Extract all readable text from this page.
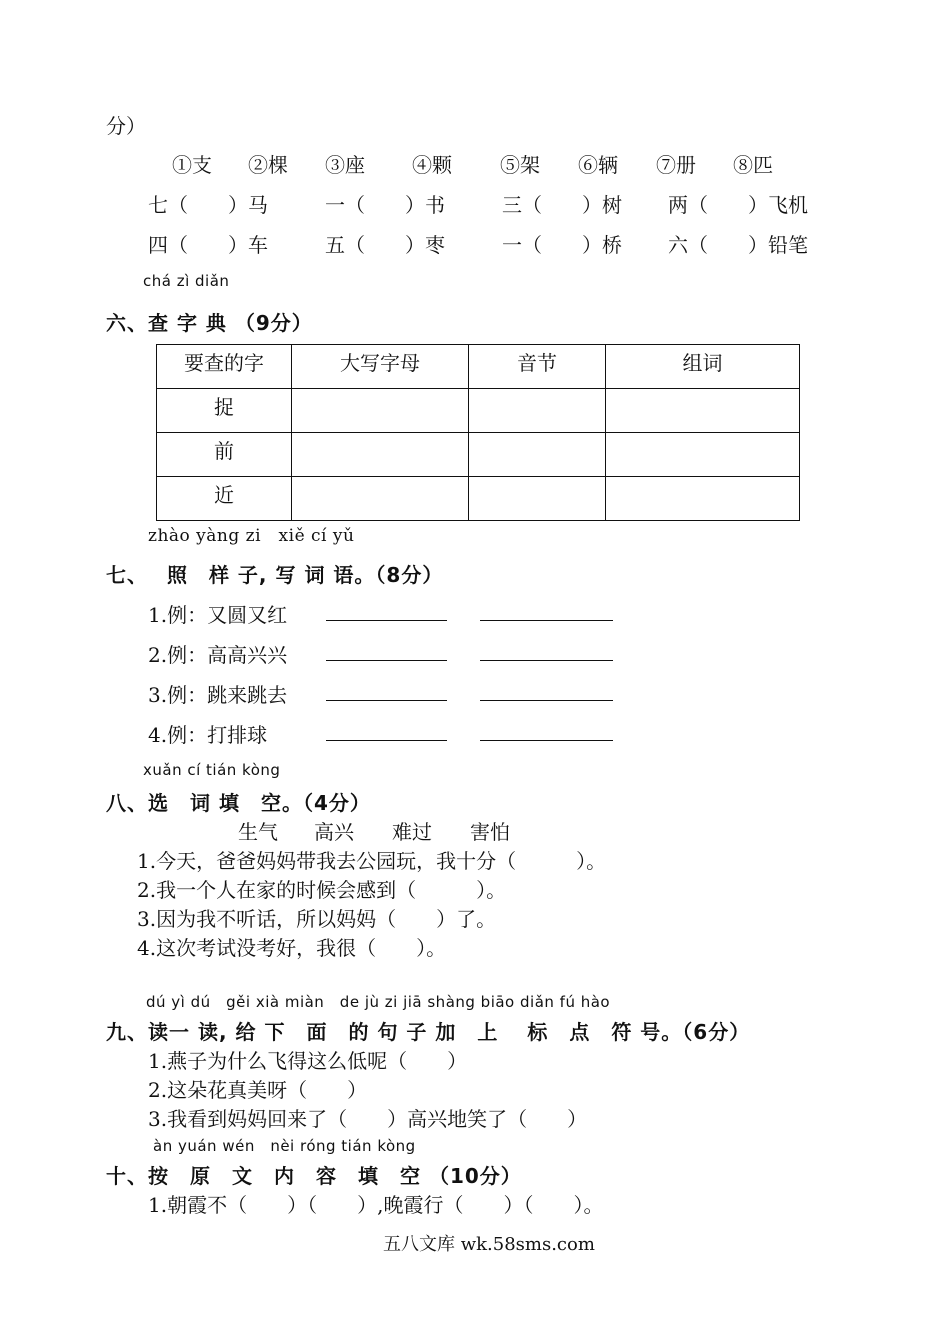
分）
①支 ②棵 ③座 ④颗 ⑤架 ⑥辆 ⑦册 ⑧匹
七（　　）马	一（　　）书	三（　　）树 两（　　）飞机
四（　　）车	五（　　）枣	一（　　）桥 六（　　）铅笔
chá zì diǎn
六、查 字 典 （9分）
要查的字	大写字母	音节	组词
捉			
前			
近			
zhào yàng zi　xiě cí yǔ
七、　 照　样 子, 写 词 语。（8分）
1.例：又圆又红
2.例：高高兴兴
3.例：跳来跳去
4.例：打排球
xuǎn cí tián kòng
八、选　词 填　空。（4分）
生气 高兴 难过 害怕
1.今天，爸爸妈妈带我去公园玩，我十分（　　　）。
2.我一个人在家的时候会感到（　　　）。
3.因为我不听话，所以妈妈（　　）了。
4.这次考试没考好，我很（　　）。
dú yì dú　gěi xià miàn　de jù zi jiā shàng biāo diǎn fú hào
九、读一 读, 给 下　面　的 句 子 加　上　 标　点　符 号。（6分）
1.燕子为什么飞得这么低呢（　　）
2.这朵花真美呀（　　）
3.我看到妈妈回来了（　　）高兴地笑了（　　）
àn yuán wén　nèi róng tián kòng
十、按　原　文　内　容　填　空 （10分）
1.朝霞不（　　）（　　）,晚霞行（　　）（　　）。
五八文库 wk.58sms.com
